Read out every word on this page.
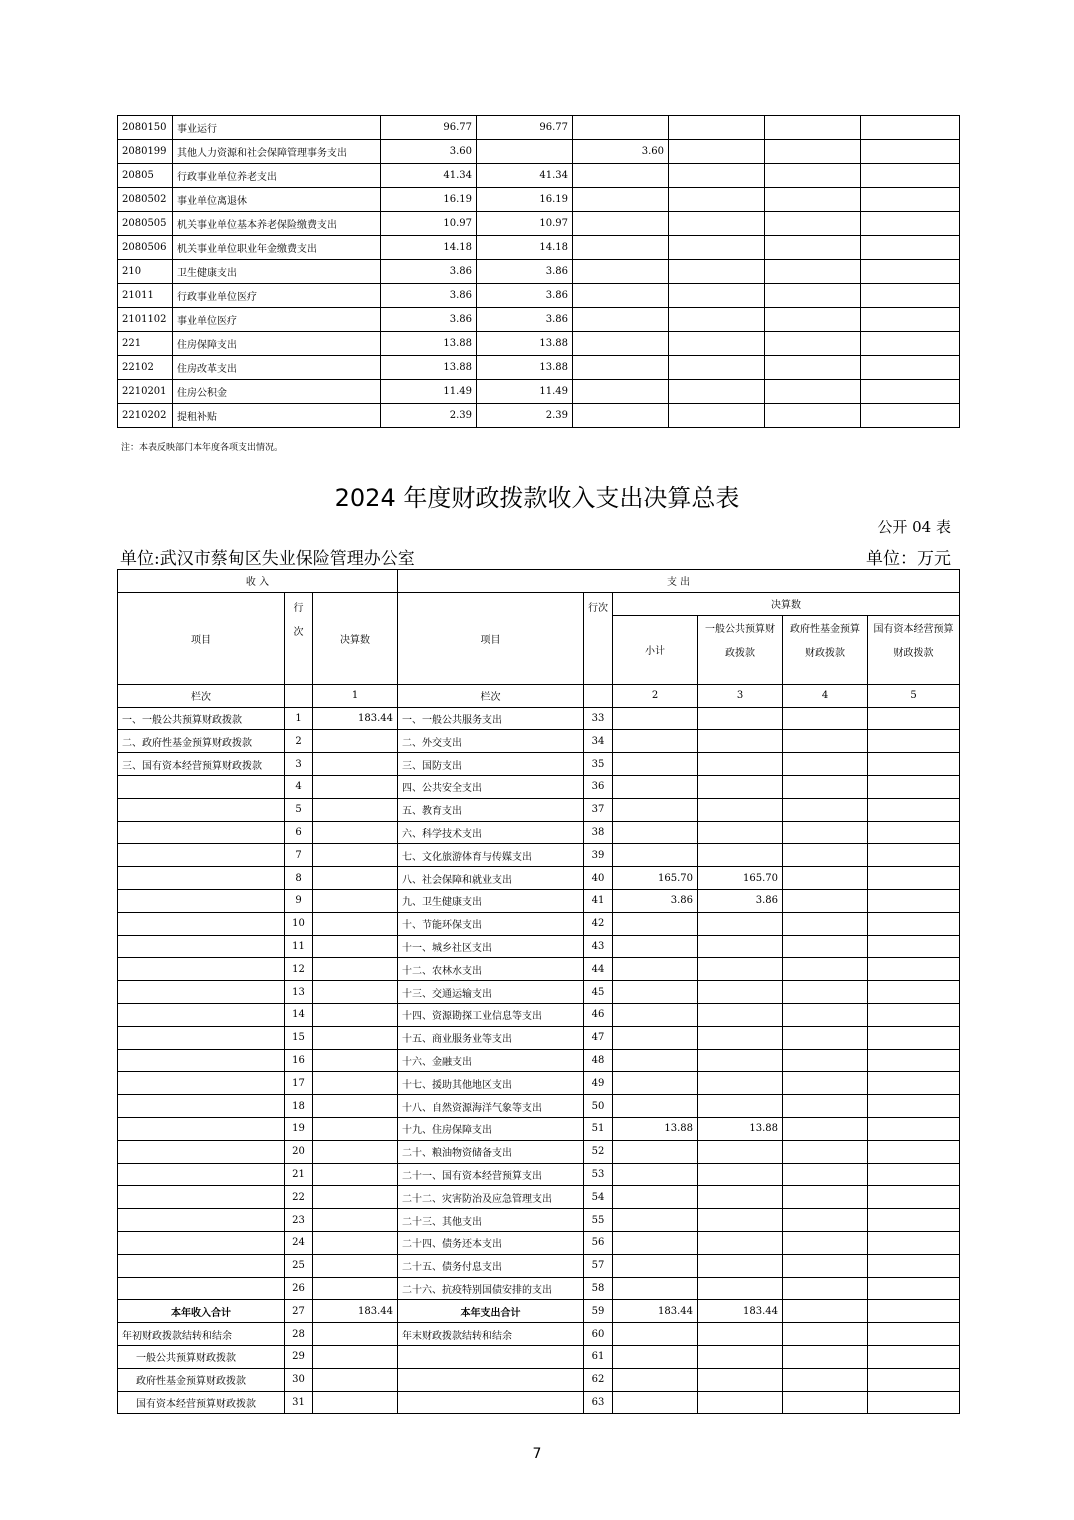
2080150	事业运行	96.77	96.77				
2080199	其他人力资源和社会保障管理事务支出	3.60		3.60			
20805	行政事业单位养老支出	41.34	41.34				
2080502	事业单位离退休	16.19	16.19				
2080505	机关事业单位基本养老保险缴费支出	10.97	10.97				
2080506	机关事业单位职业年金缴费支出	14.18	14.18				
210	卫生健康支出	3.86	3.86				
21011	行政事业单位医疗	3.86	3.86				
2101102	事业单位医疗	3.86	3.86				
221	住房保障支出	13.88	13.88				
22102	住房改革支出	13.88	13.88				
2210201	住房公积金	11.49	11.49				
2210202	提租补贴	2.39	2.39				
注：本表反映部门本年度各项支出情况。
2024 年度财政拨款收入支出决算总表
公开 04 表
单位:武汉市蔡甸区失业保险管理办公室	单位：万元
收 入			支 出					
项目	行次	决算数	项目	行次	决算数			
					小计	一般公共预算财政拨款	政府性基金预算财政拨款	国有资本经营预算财政拨款
栏次		1	栏次		2	3	4	5
一、一般公共预算财政拨款	1	183.44	一、一般公共服务支出	33				
二、政府性基金预算财政拨款	2		二、外交支出	34				
三、国有资本经营预算财政拨款	3		三、国防支出	35				
	4		四、公共安全支出	36				
	5		五、教育支出	37				
	6		六、科学技术支出	38				
	7		七、文化旅游体育与传媒支出	39				
	8		八、社会保障和就业支出	40	165.70	165.70		
	9		九、卫生健康支出	41	3.86	3.86		
	10		十、节能环保支出	42				
	11		十一、城乡社区支出	43				
	12		十二、农林水支出	44				
	13		十三、交通运输支出	45				
	14		十四、资源勘探工业信息等支出	46				
	15		十五、商业服务业等支出	47				
	16		十六、金融支出	48				
	17		十七、援助其他地区支出	49				
	18		十八、自然资源海洋气象等支出	50				
	19		十九、住房保障支出	51	13.88	13.88		
	20		二十、粮油物资储备支出	52				
	21		二十一、国有资本经营预算支出	53				
	22		二十二、灾害防治及应急管理支出	54				
	23		二十三、其他支出	55				
	24		二十四、债务还本支出	56				
	25		二十五、债务付息支出	57				
	26		二十六、抗疫特别国债安排的支出	58				
本年收入合计	27	183.44	本年支出合计	59	183.44	183.44		
年初财政拨款结转和结余	28		年末财政拨款结转和结余	60				
一般公共预算财政拨款	29			61				
政府性基金预算财政拨款	30			62				
国有资本经营预算财政拨款	31			63				
7
